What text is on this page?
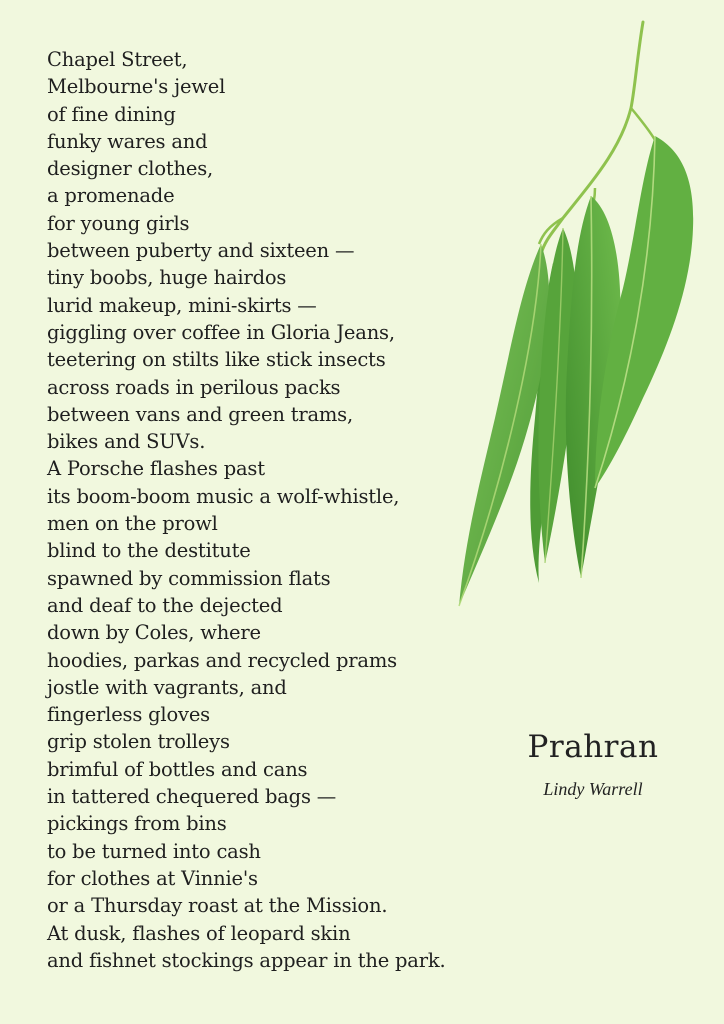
Chapel Street,
Melbourne's jewel
of fine dining
funky wares and
designer clothes,
a promenade
for young girls
between puberty and sixteen —
tiny boobs, huge hairdos
lurid makeup, mini-skirts —
giggling over coffee in Gloria Jeans,
teetering on stilts like stick insects
across roads in perilous packs
between vans and green trams,
bikes and SUVs.
A Porsche flashes past
its boom-boom music a wolf-whistle,
men on the prowl
blind to the destitute
spawned by commission flats
and deaf to the dejected
down by Coles, where
hoodies, parkas and recycled prams
jostle with vagrants, and
fingerless gloves
grip stolen trolleys
brimful of bottles and cans
in tattered chequered bags —
pickings from bins
to be turned into cash
for clothes at Vinnie's
or a Thursday roast at the Mission.
At dusk, flashes of leopard skin
and fishnet stockings appear in the park.
Prahran
Lindy Warrell
